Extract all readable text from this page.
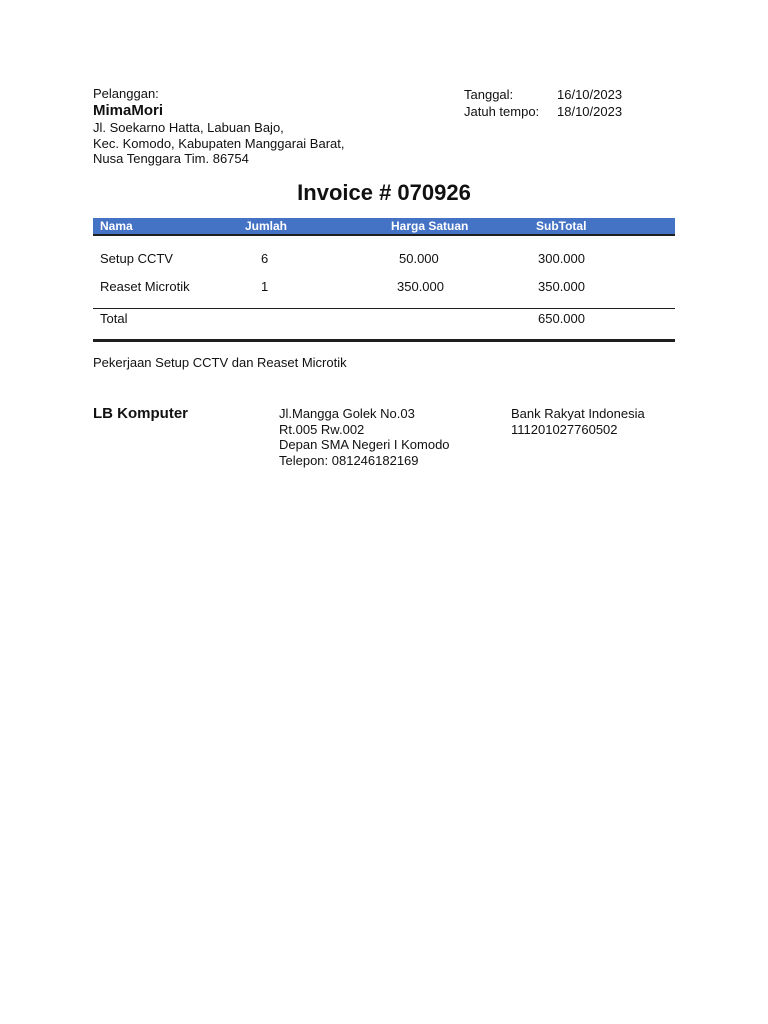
Pelanggan:
MimaMori
Jl. Soekarno Hatta, Labuan Bajo,
Kec. Komodo, Kabupaten Manggarai Barat,
Nusa Tenggara Tim. 86754
Tanggal:	16/10/2023
Jatuh tempo: 18/10/2023
Invoice # 070926
Nama	Jumlah	Harga Satuan	SubTotal
Setup CCTV	6	50.000	300.000
Reaset Microtik	1	350.000	350.000
Total	650.000
Pekerjaan Setup CCTV dan Reaset Microtik
LB Komputer	Jl.Mangga Golek No.03
Rt.005 Rw.002
Depan SMA Negeri I Komodo
Telepon: 081246182169
Bank Rakyat Indonesia
111201027760502
